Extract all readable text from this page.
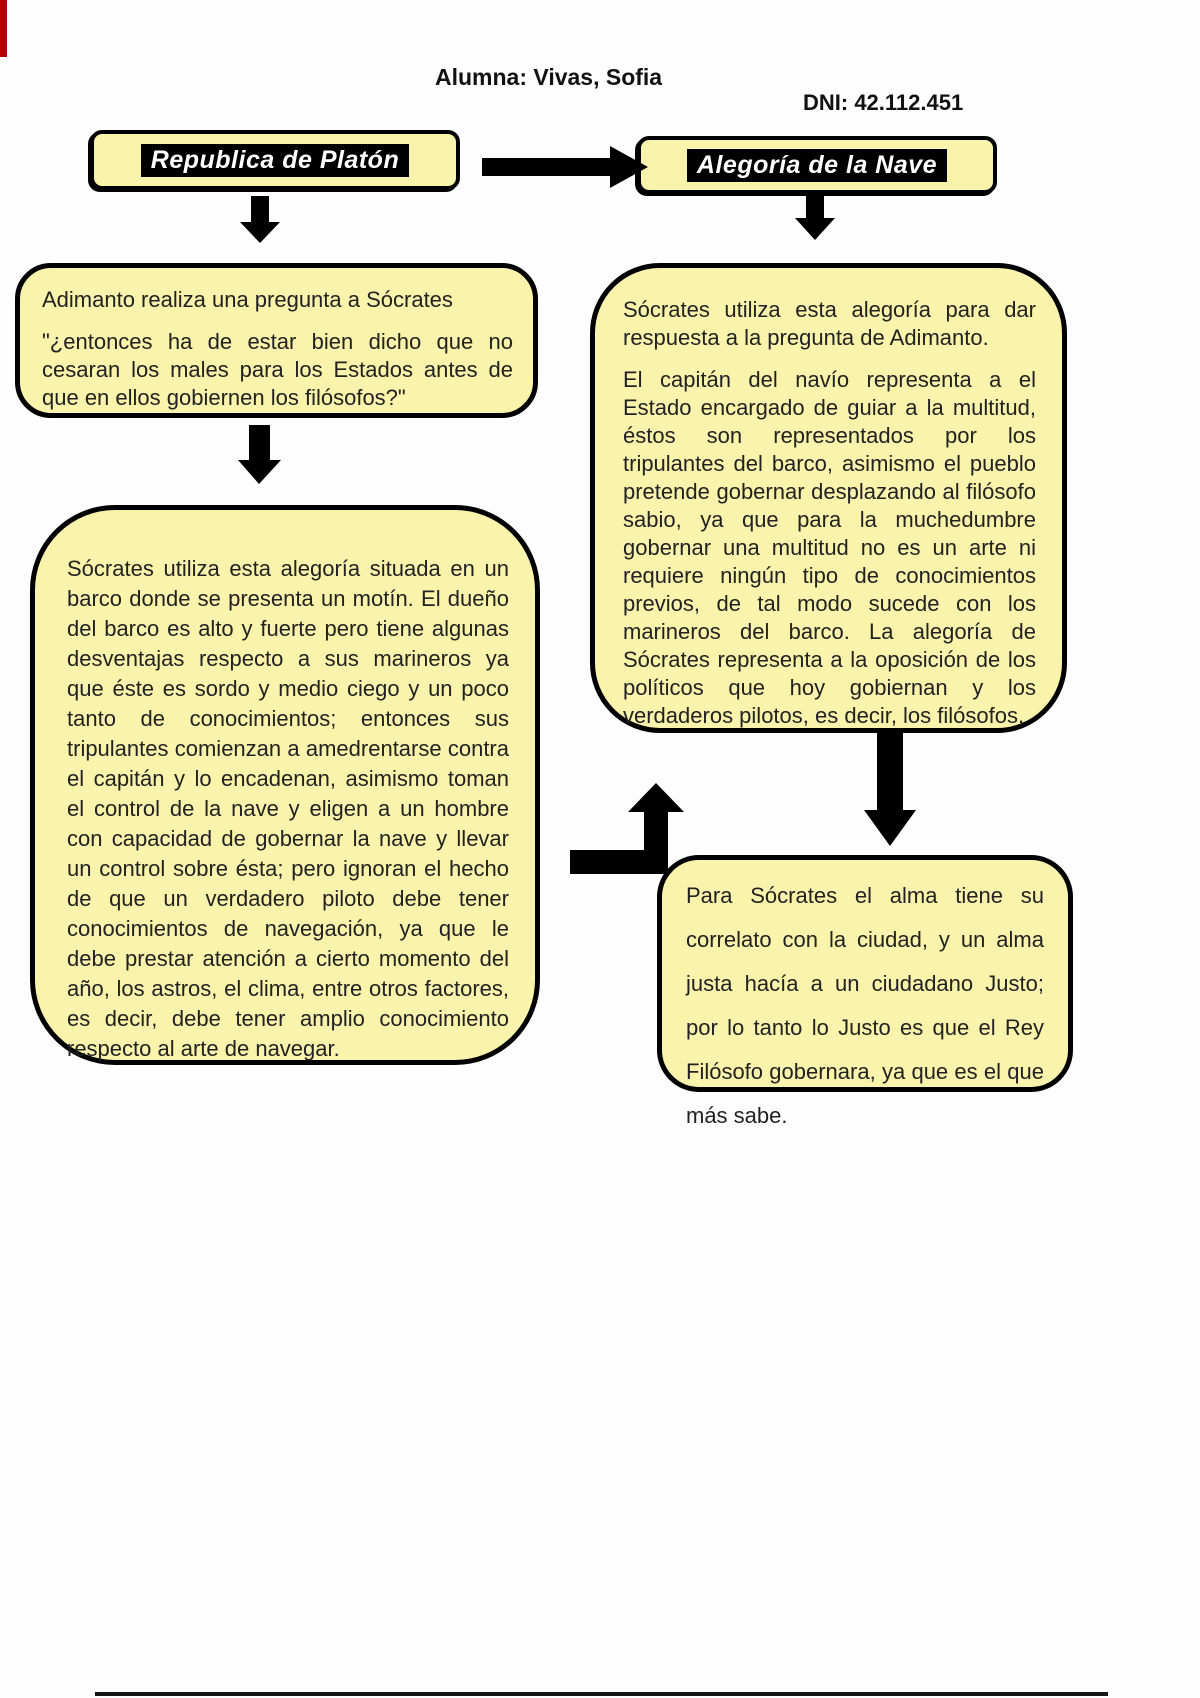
Alumna: Vivas, Sofia
DNI: 42.112.451
Republica de Platón	Alegoría de la Nave

Adimanto realiza una pregunta a Sócrates

"¿entonces ha de estar bien dicho que no cesaran los males para los Estados antes de que en ellos gobiernen los filósofos?"

Sócrates utiliza esta alegoría para dar respuesta a la pregunta de Adimanto.

El capitán del navío representa a el Estado encargado de guiar a la multitud, éstos son representados por los tripulantes del barco, asimismo el pueblo pretende gobernar desplazando al filósofo sabio, ya que para la muchedumbre gobernar una multitud no es un arte ni requiere ningún tipo de conocimientos previos, de tal modo sucede con los marineros del barco. La alegoría de Sócrates representa a la oposición de los políticos que hoy gobiernan y los verdaderos pilotos, es decir, los filósofos.

Sócrates utiliza esta alegoría situada en un barco donde se presenta un motín. El dueño del barco es alto y fuerte pero tiene algunas desventajas respecto a sus marineros ya que éste es sordo y medio ciego y un poco tanto de conocimientos; entonces sus tripulantes comienzan a amedrentarse contra el capitán y lo encadenan, asimismo toman el control de la nave y eligen a un hombre con capacidad de gobernar la nave y llevar un control sobre ésta; pero ignoran el hecho de que un verdadero piloto debe tener conocimientos de navegación, ya que le debe prestar atención a cierto momento del año, los astros, el clima, entre otros factores, es decir, debe tener amplio conocimiento respecto al arte de navegar.

Para Sócrates el alma tiene su correlato con la ciudad, y un alma justa hacía a un ciudadano Justo; por lo tanto lo Justo es que el Rey Filósofo gobernara, ya que es el que más sabe.
